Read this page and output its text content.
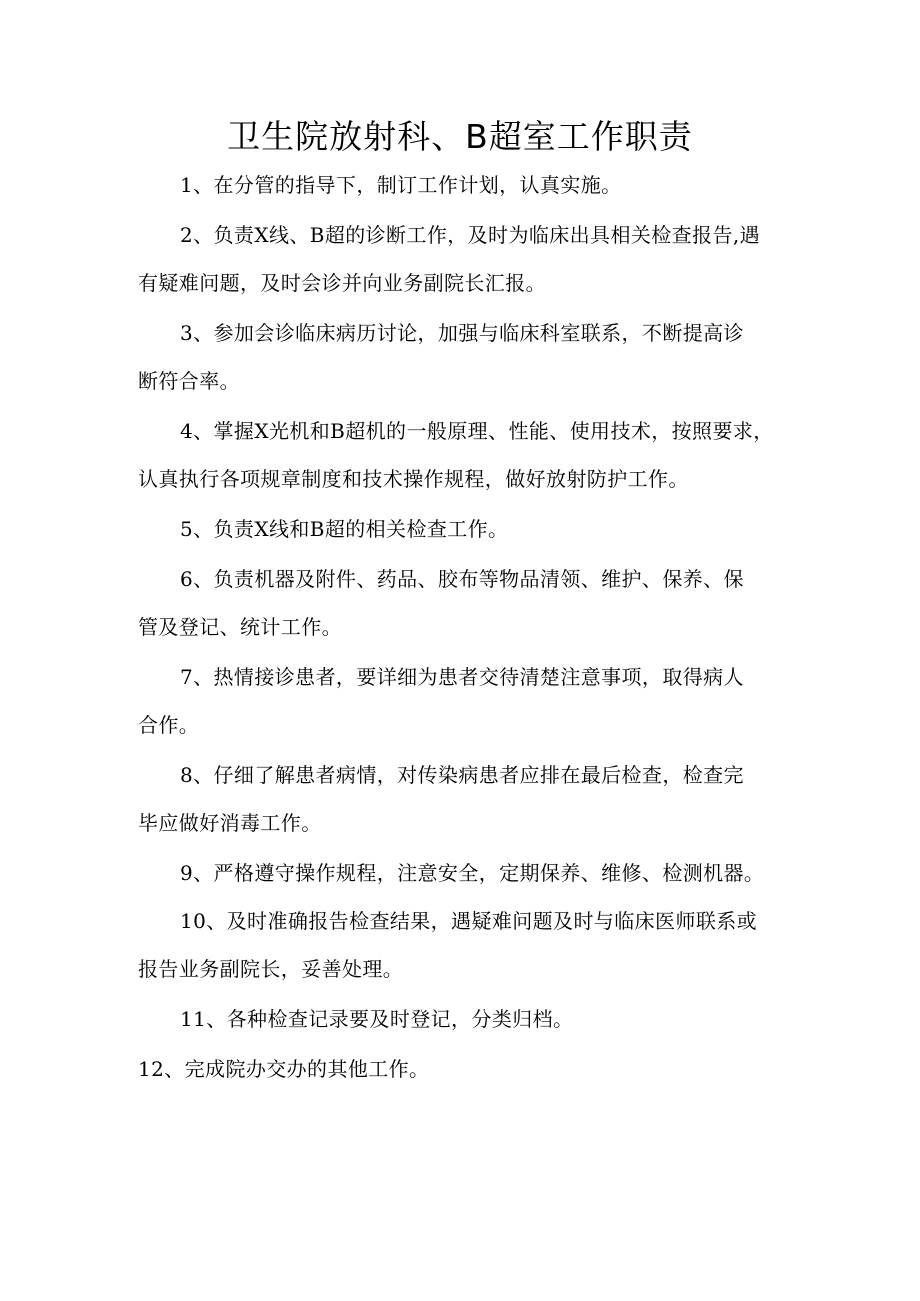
卫生院放射科、B超室工作职责
1、在分管的指导下，制订工作计划，认真实施。
2、负责X线、B超的诊断工作，及时为临床出具相关检查报告,遇
有疑难问题，及时会诊并向业务副院长汇报。
3、参加会诊临床病历讨论，加强与临床科室联系，不断提高诊
断符合率。
4、掌握X光机和B超机的一般原理、性能、使用技术，按照要求，
认真执行各项规章制度和技术操作规程，做好放射防护工作。
5、负责X线和B超的相关检查工作。
6、负责机器及附件、药品、胶布等物品清领、维护、保养、保
管及登记、统计工作。
7、热情接诊患者，要详细为患者交待清楚注意事项，取得病人
合作。
8、仔细了解患者病情，对传染病患者应排在最后检查，检查完
毕应做好消毒工作。
9、严格遵守操作规程，注意安全，定期保养、维修、检测机器。
10、及时准确报告检查结果，遇疑难问题及时与临床医师联系或
报告业务副院长，妥善处理。
11、各种检查记录要及时登记，分类归档。
12、完成院办交办的其他工作。
